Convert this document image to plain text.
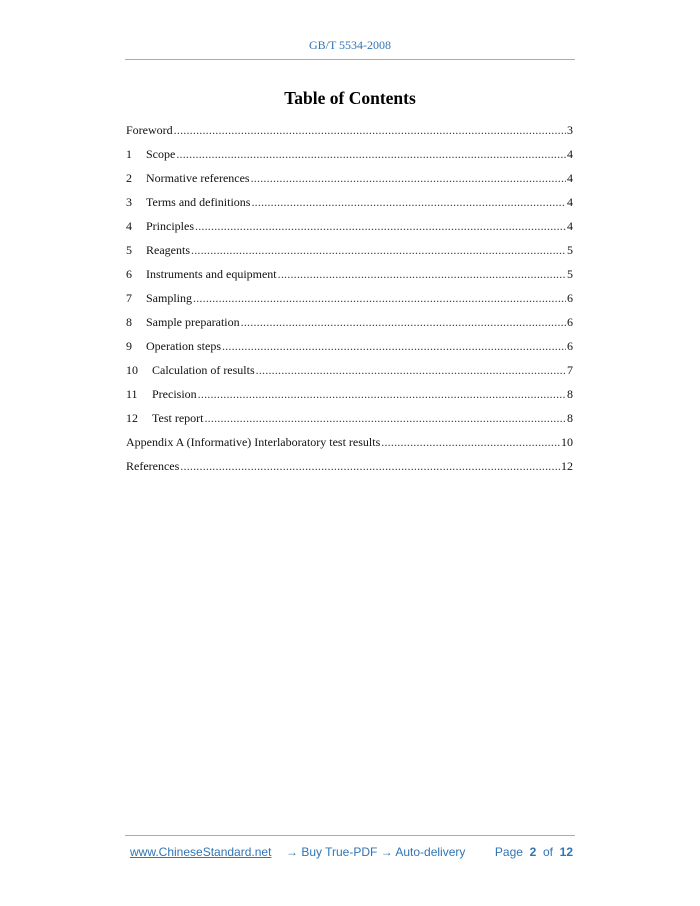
GB/T 5534-2008
Table of Contents
Foreword .....	3
1	Scope .....	4
2	Normative references .....	4
3	Terms and definitions .....	4
4	Principles .....	4
5	Reagents .....	5
6	Instruments and equipment .....	5
7	Sampling .....	6
8	Sample preparation .....	6
9	Operation steps .....	6
10	Calculation of results .....	7
11	Precision .....	8
12	Test report .....	8
Appendix A (Informative) Interlaboratory test results .....	10
References .....	12
www.ChineseStandard.net → Buy True-PDF → Auto-delivery Page 2 of 12
